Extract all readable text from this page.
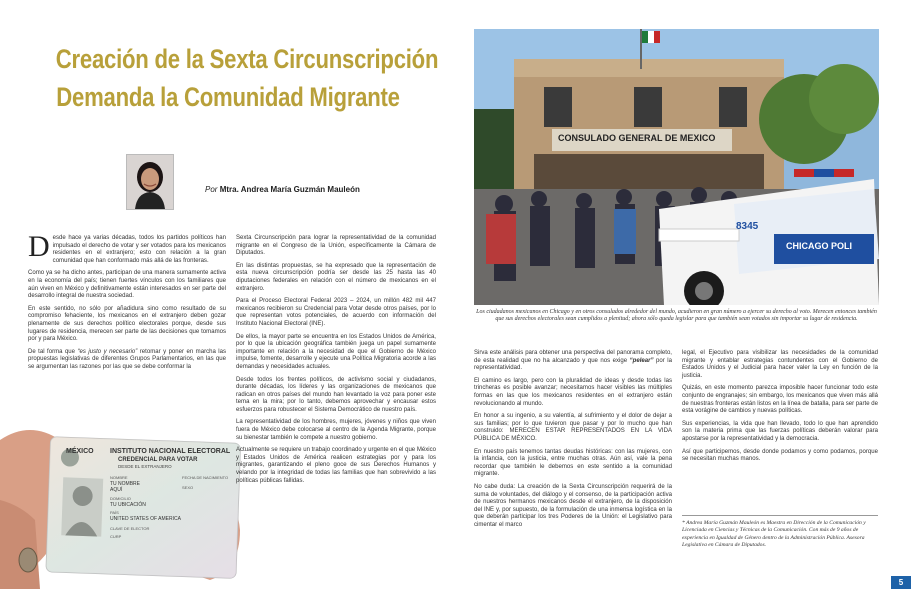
Creación de la Sexta Circunscripción
Demanda la Comunidad Migrante
Por Mtra. Andrea María Guzmán Mauleón

Desde hace ya varias décadas, todos los partidos políticos han impulsado el derecho de votar y ser votados para los mexicanos residentes en el extranjero; esto con relación a la gran comunidad que han conformado más allá de las fronteras.

Como ya se ha dicho antes, participan de una manera sumamente activa en la economía del país; tienen fuertes vínculos con los familiares que aún viven en México y definitivamente están interesados en ser parte del desarrollo integral de nuestra sociedad.

En este sentido, no sólo por añadidura sino como resultado de su compromiso fehaciente, los mexicanos en el extranjero deben gozar plenamente de sus derechos político electorales porque, desde sus lugares de residencia, merecen ser parte de las decisiones que tomamos por y para México.

De tal forma que “es justo y necesario” retomar y poner en marcha las propuestas legislativas de diferentes Grupos Parlamentarios, en las que se argumentan las razones por las que se debe conformar la

MÉXICO INSTITUTO NACIONAL ELECTORAL
CREDENCIAL PARA VOTAR
DESDE EL EXTRANJERO
NOMBRE
TU NOMBRE
AQUÍ
DOMICILIO
TU UBICACIÓN
PAÍS
UNITED STATES OF AMERICA
CLAVE DE ELECTOR
CURP
FECHA DE NACIMIENTO
SEXO

Sexta Circunscripción para lograr la representatividad de la comunidad migrante en el Congreso de la Unión, específicamente la Cámara de Diputados.

En las distintas propuestas, se ha expresado que la representación de esta nueva circunscripción podría ser desde las 25 hasta las 40 diputaciones federales en relación con el número de mexicanos en el extranjero.

Para el Proceso Electoral Federal 2023 – 2024, un millón 482 mil 447 mexicanos recibieron su Credencial para Votar desde otros países, por lo que representan votos potenciales, de acuerdo con información del Instituto Nacional Electoral (INE).

De ellos, la mayor parte se encuentra en los Estados Unidos de América, por lo que la ubicación geográfica también juega un papel sumamente importante en relación a la necesidad de que el Gobierno de México impulse, fomente, desarrolle y ejecute una Política Migratoria acorde a las demandas y necesidades actuales.

Desde todos los frentes políticos, de activismo social y ciudadanos, durante décadas, los líderes y las organizaciones de mexicanos que radican en otros países del mundo han levantado la voz para poner este tema en la mira; por lo tanto, debemos aprovechar y encausar estos esfuerzos para robustecer el Sistema Democrático de nuestro país.

La representatividad de los hombres, mujeres, jóvenes y niños que viven fuera de México debe colocarse al centro de la Agenda Migrante, porque su bienestar también le compete a nuestro gobierno.

Actualmente se requiere un trabajo coordinado y urgente en el que México y Estados Unidos de América realicen estrategias por y para los migrantes, garantizando el pleno goce de sus Derechos Humanos y velando por la integridad de todas las familias que han sobrevivido a las políticas públicas fallidas.

CONSULADO GENERAL DE MEXICO
8345
CHICAGO POLI
Los ciudadanos mexicanos en Chicago y en otros consulados alrededor del mundo, acudieron en gran número a ejercer su derecho al voto. Merecen entonces también que sus derechos electorales sean cumplidos a plenitud; ahora sólo queda legislar para que también sean votados sin importar su lugar de residencia.

Sirva este análisis para obtener una perspectiva del panorama completo, de esta realidad que no ha alcanzado y que nos exige “pelear” por la representatividad.

El camino es largo, pero con la pluralidad de ideas y desde todas las trincheras es posible avanzar; necesitamos hacer visibles las múltiples formas en las que los mexicanos residentes en el extranjero están revolucionando al mundo.

En honor a su ingenio, a su valentía, al sufrimiento y el dolor de dejar a sus familias; por lo que tuvieron que pasar y por lo mucho que han construido: MERECEN ESTAR REPRESENTADOS EN LA VIDA PÚBLICA DE MÉXICO.

En nuestro país tenemos tantas deudas históricas: con las mujeres, con la infancia, con la justicia, entre muchas otras. Aún así, vale la pena recordar que también le debemos en este sentido a la comunidad migrante.

No cabe duda: La creación de la Sexta Circunscripción requerirá de la suma de voluntades, del diálogo y el consenso, de la participación activa de nuestros hermanos mexicanos desde el extranjero, de la disposición del INE y, por supuesto, de la formulación de una inmensa logística en la que deberán participar los tres Poderes de la Unión: el Legislativo para cimentar el marco

legal, el Ejecutivo para visibilizar las necesidades de la comunidad migrante y entablar estrategias contundentes con el Gobierno de Estados Unidos y el Judicial para hacer valer la Ley en función de la justicia.

Quizás, en este momento parezca imposible hacer funcionar todo este conjunto de engranajes; sin embargo, los mexicanos que viven más allá de nuestras fronteras están listos en la línea de batalla, para ser parte de esta vorágine de cambios y nuevas políticas.

Sus experiencias, la vida que han llevado, todo lo que han aprendido son la materia prima que las fuerzas políticas deberán valorar para apostarse por la representatividad y la democracia.

Así que participemos, desde donde podamos y como podamos, porque se necesitan muchas manos.

* Andrea María Guzmán Mauleón es Maestra en Dirección de la Comunicación y Licenciada en Ciencias y Técnicas de la Comunicación. Con más de 9 años de experiencia en Igualdad de Género dentro de la Administración Pública. Asesora Legislativa en Cámara de Diputados.
5
